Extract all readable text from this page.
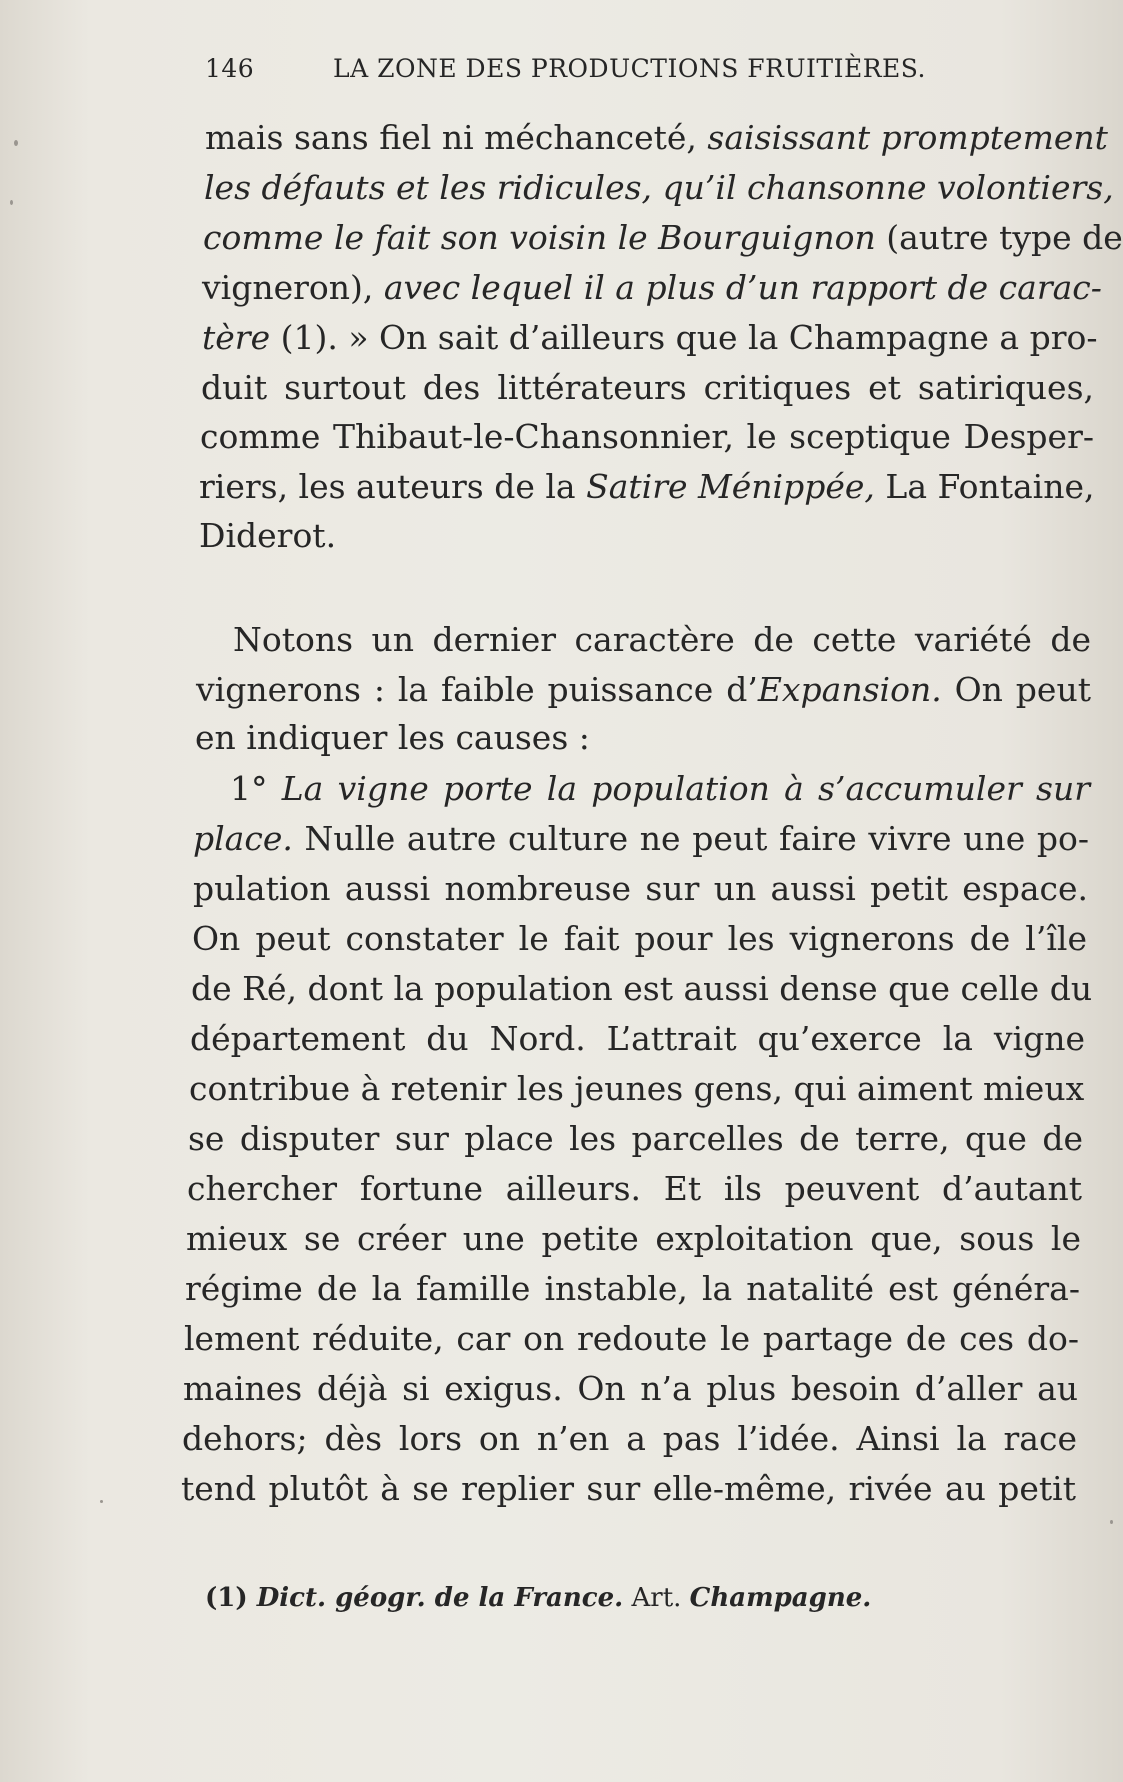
146	LA ZONE DES PRODUCTIONS FRUITIÈRES.
mais sans fiel ni méchanceté, saisissant promptement
les défauts et les ridicules, qu’il chansonne volontiers,
comme le fait son voisin le Bourguignon (autre type de
vigneron), avec lequel il a plus d’un rapport de carac-
tère (1). » On sait d’ailleurs que la Champagne a pro-
duit surtout des littérateurs critiques et satiriques,
comme Thibaut-le-Chansonnier, le sceptique Desper-
riers, les auteurs de la Satire Ménippée, La Fontaine,
Diderot.
Notons un dernier caractère de cette variété de
vignerons : la faible puissance d’Expansion. On peut
en indiquer les causes :
1° La vigne porte la population à s’accumuler sur
place. Nulle autre culture ne peut faire vivre une po-
pulation aussi nombreuse sur un aussi petit espace.
On peut constater le fait pour les vignerons de l’île
de Ré, dont la population est aussi dense que celle du
département du Nord. L’attrait qu’exerce la vigne
contribue à retenir les jeunes gens, qui aiment mieux
se disputer sur place les parcelles de terre, que de
chercher fortune ailleurs. Et ils peuvent d’autant
mieux se créer une petite exploitation que, sous le
régime de la famille instable, la natalité est généra-
lement réduite, car on redoute le partage de ces do-
maines déjà si exigus. On n’a plus besoin d’aller au
dehors; dès lors on n’en a pas l’idée. Ainsi la race
tend plutôt à se replier sur elle-même, rivée au petit
(1) Dict. géogr. de la France. Art. Champagne.
